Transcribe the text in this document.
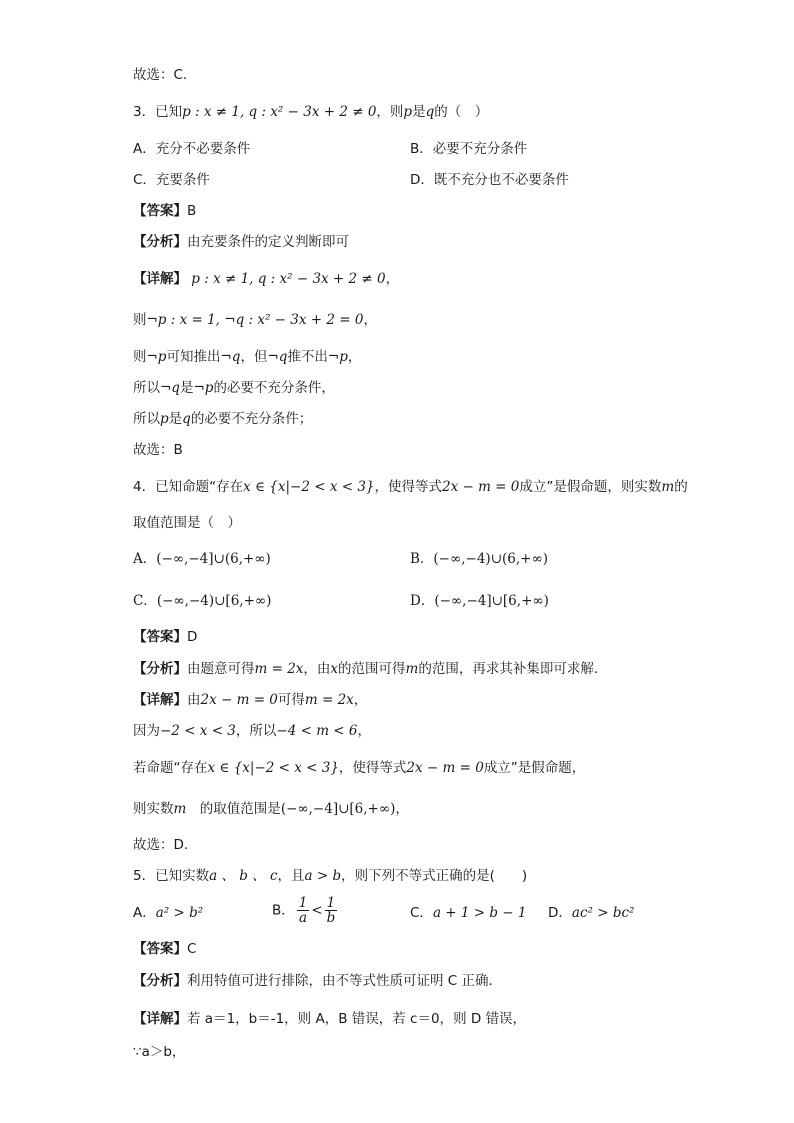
故选：C.
3．已知p : x ≠ 1, q : x² − 3x + 2 ≠ 0，则p是q的（　）
A．充分不必要条件	B．必要不充分条件
C．充要条件	D．既不充分也不必要条件
【答案】B
【分析】由充要条件的定义判断即可
【详解】 p : x ≠ 1, q : x² − 3x + 2 ≠ 0，
则¬p : x = 1, ¬q : x² − 3x + 2 = 0，
则¬p可知推出¬q，但¬q推不出¬p，
所以¬q是¬p的必要不充分条件，
所以p是q的必要不充分条件；
故选：B
4．已知命题“存在x ∈ {x|−2 < x < 3}，使得等式2x − m = 0成立”是假命题，则实数m的
取值范围是（　）
A．(−∞,−4]∪(6,+∞)	B．(−∞,−4)∪(6,+∞)
C．(−∞,−4)∪[6,+∞)	D．(−∞,−4]∪[6,+∞)
【答案】D
【分析】由题意可得m = 2x，由x的范围可得m的范围，再求其补集即可求解.
【详解】由2x − m = 0可得m = 2x，
因为−2 < x < 3，所以−4 < m < 6，
若命题“存在x ∈ {x|−2 < x < 3}，使得等式2x − m = 0成立”是假命题，
则实数m　的取值范围是(−∞,−4]∪[6,+∞)，
故选：D.
5．已知实数a 、 b 、 c，且a > b，则下列不等式正确的是(　　)
A．a² > b²	B． $\frac{1}{a} < \frac{1}{b}$	C．a + 1 > b − 1 D．ac² > bc²
【答案】C
【分析】利用特值可进行排除，由不等式性质可证明 C 正确.
【详解】若 a＝1，b＝-1，则 A，B 错误，若 c＝0，则 D 错误，
∵a＞b，
